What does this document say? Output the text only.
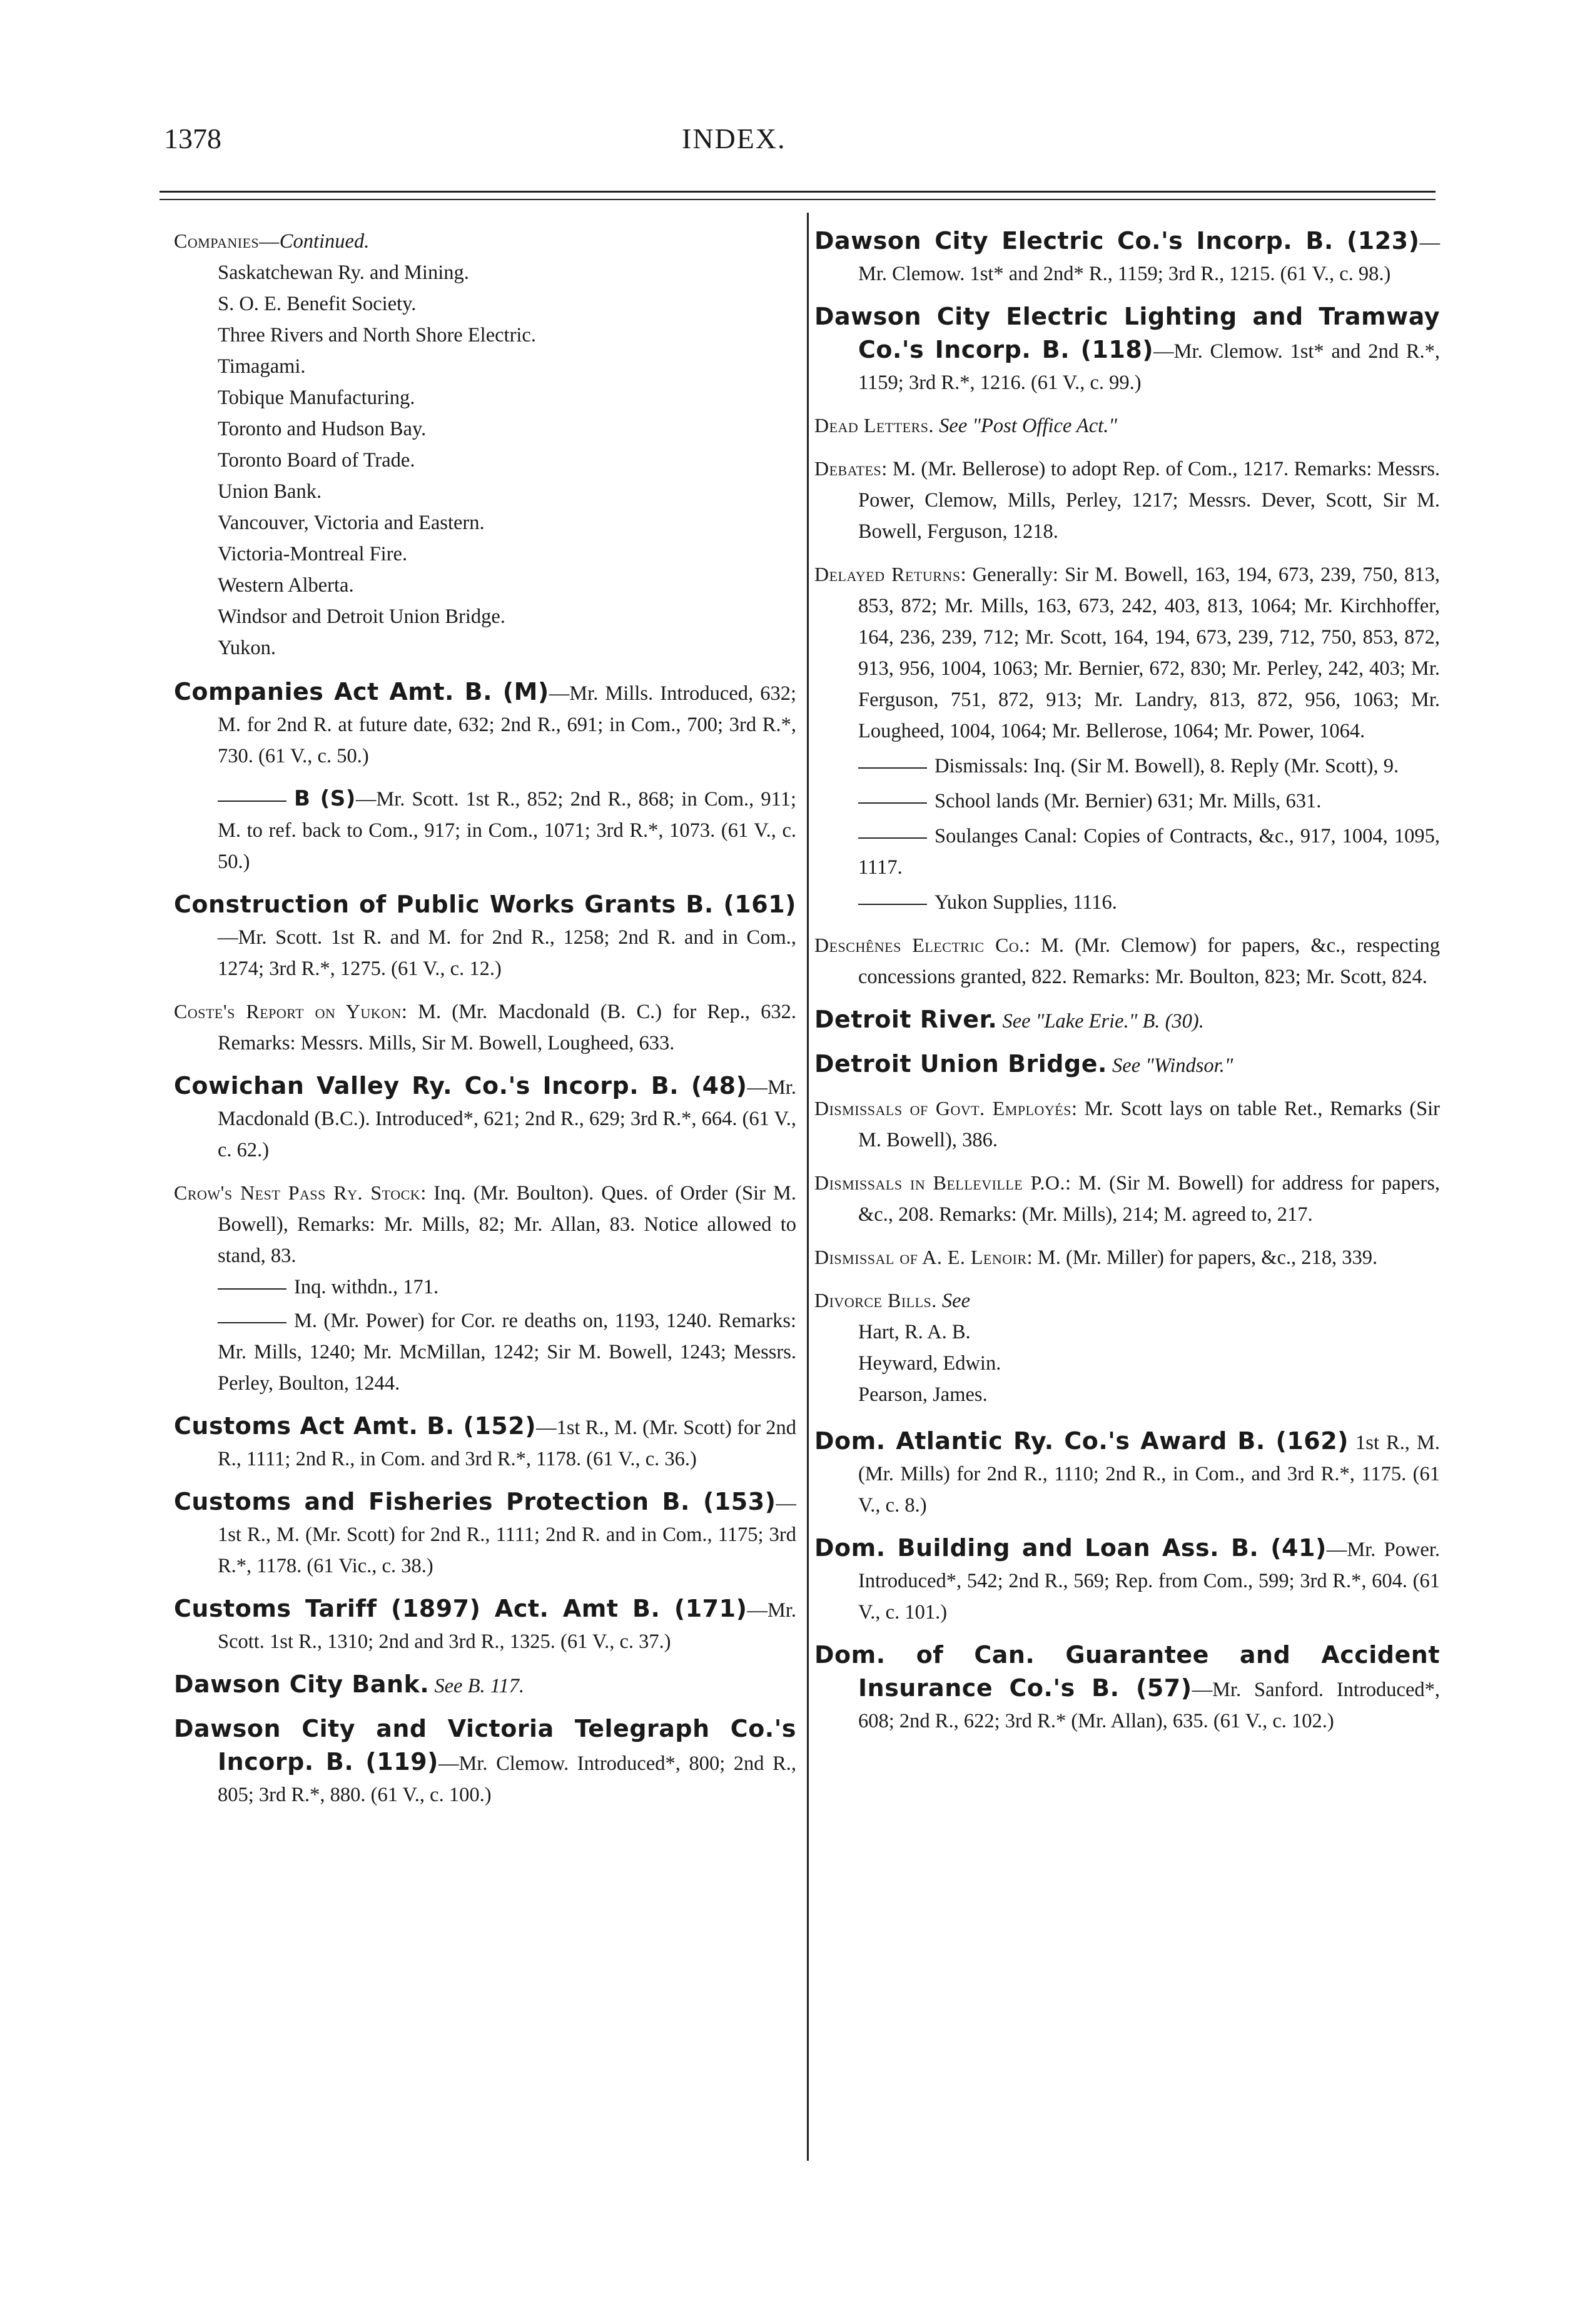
1378	INDEX.
Companies—Continued.
Saskatchewan Ry. and Mining.
S. O. E. Benefit Society.
Three Rivers and North Shore Electric.
Timagami.
Tobique Manufacturing.
Toronto and Hudson Bay.
Toronto Board of Trade.
Union Bank.
Vancouver, Victoria and Eastern.
Victoria-Montreal Fire.
Western Alberta.
Windsor and Detroit Union Bridge.
Yukon.
Companies Act Amt. B. (M)—Mr. Mills. Introduced, 632; M. for 2nd R. at future date, 632; 2nd R., 691; in Com., 700; 3rd R.*, 730. (61 V., c. 50.)
B (S)—Mr. Scott. 1st R., 852; 2nd R., 868; in Com., 911; M. to ref. back to Com., 917; in Com., 1071; 3rd R.*, 1073. (61 V., c. 50.)
Construction of Public Works Grants B. (161)—Mr. Scott. 1st R. and M. for 2nd R., 1258; 2nd R. and in Com., 1274; 3rd R.*, 1275. (61 V., c. 12.)
Coste's Report on Yukon: M. (Mr. Macdonald (B. C.) for Rep., 632. Remarks: Messrs. Mills, Sir M. Bowell, Lougheed, 633.
Cowichan Valley Ry. Co.'s Incorp. B. (48)—Mr. Macdonald (B.C.). Introduced*, 621; 2nd R., 629; 3rd R.*, 664. (61 V., c. 62.)
Crow's Nest Pass Ry. Stock: Inq. (Mr. Boulton). Ques. of Order (Sir M. Bowell), Remarks: Mr. Mills, 82; Mr. Allan, 83. Notice allowed to stand, 83.
Inq. withdn., 171.
M. (Mr. Power) for Cor. re deaths on, 1193, 1240. Remarks: Mr. Mills, 1240; Mr. McMillan, 1242; Sir M. Bowell, 1243; Messrs. Perley, Boulton, 1244.
Customs Act Amt. B. (152)—1st R., M. (Mr. Scott) for 2nd R., 1111; 2nd R., in Com. and 3rd R.*, 1178. (61 V., c. 36.)
Customs and Fisheries Protection B. (153)—1st R., M. (Mr. Scott) for 2nd R., 1111; 2nd R. and in Com., 1175; 3rd R.*, 1178. (61 Vic., c. 38.)
Customs Tariff (1897) Act. Amt B. (171)—Mr. Scott. 1st R., 1310; 2nd and 3rd R., 1325. (61 V., c. 37.)
Dawson City Bank. See B. 117.
Dawson City and Victoria Telegraph Co.'s Incorp. B. (119)—Mr. Clemow. Introduced*, 800; 2nd R., 805; 3rd R.*, 880. (61 V., c. 100.)
Dawson City Electric Co.'s Incorp. B. (123)—Mr. Clemow. 1st* and 2nd* R., 1159; 3rd R., 1215. (61 V., c. 98.)
Dawson City Electric Lighting and Tramway Co.'s Incorp. B. (118)—Mr. Clemow. 1st* and 2nd R.*, 1159; 3rd R.*, 1216. (61 V., c. 99.)
Dead Letters. See "Post Office Act."
Debates: M. (Mr. Bellerose) to adopt Rep. of Com., 1217. Remarks: Messrs. Power, Clemow, Mills, Perley, 1217; Messrs. Dever, Scott, Sir M. Bowell, Ferguson, 1218.
Delayed Returns: Generally: Sir M. Bowell, 163, 194, 673, 239, 750, 813, 853, 872; Mr. Mills, 163, 673, 242, 403, 813, 1064; Mr. Kirchhoffer, 164, 236, 239, 712; Mr. Scott, 164, 194, 673, 239, 712, 750, 853, 872, 913, 956, 1004, 1063; Mr. Bernier, 672, 830; Mr. Perley, 242, 403; Mr. Ferguson, 751, 872, 913; Mr. Landry, 813, 872, 956, 1063; Mr. Lougheed, 1004, 1064; Mr. Bellerose, 1064; Mr. Power, 1064.
Dismissals: Inq. (Sir M. Bowell), 8. Reply (Mr. Scott), 9.
School lands (Mr. Bernier) 631; Mr. Mills, 631.
Soulanges Canal: Copies of Contracts, &c., 917, 1004, 1095, 1117.
Yukon Supplies, 1116.
Deschênes Electric Co.: M. (Mr. Clemow) for papers, &c., respecting concessions granted, 822. Remarks: Mr. Boulton, 823; Mr. Scott, 824.
Detroit River. See "Lake Erie." B. (30).
Detroit Union Bridge. See "Windsor."
Dismissals of Govt. Employés: Mr. Scott lays on table Ret., Remarks (Sir M. Bowell), 386.
Dismissals in Belleville P.O.: M. (Sir M. Bowell) for address for papers, &c., 208. Remarks: (Mr. Mills), 214; M. agreed to, 217.
Dismissal of A. E. Lenoir: M. (Mr. Miller) for papers, &c., 218, 339.
Divorce Bills. See
Hart, R. A. B.
Heyward, Edwin.
Pearson, James.
Dom. Atlantic Ry. Co.'s Award B. (162) 1st R., M. (Mr. Mills) for 2nd R., 1110; 2nd R., in Com., and 3rd R.*, 1175. (61 V., c. 8.)
Dom. Building and Loan Ass. B. (41)—Mr. Power. Introduced*, 542; 2nd R., 569; Rep. from Com., 599; 3rd R.*, 604. (61 V., c. 101.)
Dom. of Can. Guarantee and Accident Insurance Co.'s B. (57)—Mr. Sanford. Introduced*, 608; 2nd R., 622; 3rd R.* (Mr. Allan), 635. (61 V., c. 102.)
